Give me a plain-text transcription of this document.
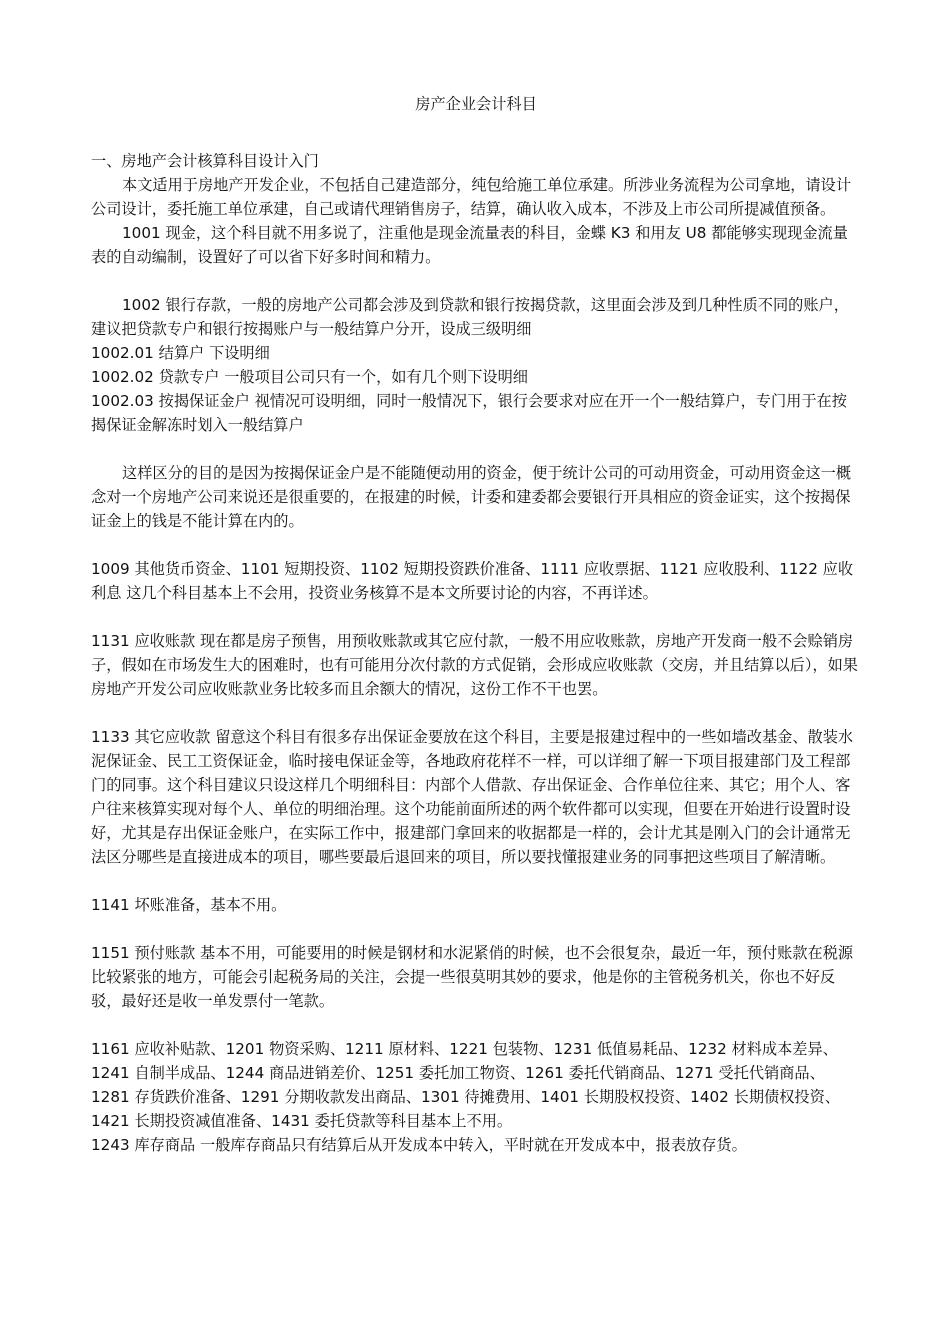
房产企业会计科目

一、房地产会计核算科目设计入门

本文适用于房地产开发企业，不包括自己建造部分，纯包给施工单位承建。所涉业务流程为公司拿地，请设计公司设计，委托施工单位承建，自己或请代理销售房子，结算，确认收入成本，不涉及上市公司所提减值预备。

1001 现金，这个科目就不用多说了，注重他是现金流量表的科目，金蝶 K3 和用友 U8 都能够实现现金流量表的自动编制，设置好了可以省下好多时间和精力。

1002 银行存款，一般的房地产公司都会涉及到贷款和银行按揭贷款，这里面会涉及到几种性质不同的账户，建议把贷款专户和银行按揭账户与一般结算户分开，设成三级明细

1002.01 结算户 下设明细

1002.02 贷款专户 一般项目公司只有一个，如有几个则下设明细

1002.03 按揭保证金户 视情况可设明细，同时一般情况下，银行会要求对应在开一个一般结算户，专门用于在按揭保证金解冻时划入一般结算户

这样区分的目的是因为按揭保证金户是不能随便动用的资金，便于统计公司的可动用资金，可动用资金这一概念对一个房地产公司来说还是很重要的，在报建的时候，计委和建委都会要银行开具相应的资金证实，这个按揭保证金上的钱是不能计算在内的。

1009 其他货币资金、1101 短期投资、1102 短期投资跌价准备、1111 应收票据、1121 应收股利、1122 应收利息 这几个科目基本上不会用，投资业务核算不是本文所要讨论的内容，不再详述。

1131 应收账款 现在都是房子预售，用预收账款或其它应付款，一般不用应收账款，房地产开发商一般不会赊销房子，假如在市场发生大的困难时，也有可能用分次付款的方式促销，会形成应收账款（交房，并且结算以后），如果房地产开发公司应收账款业务比较多而且余额大的情况，这份工作不干也罢。

1133 其它应收款 留意这个科目有很多存出保证金要放在这个科目，主要是报建过程中的一些如墙改基金、散装水泥保证金、民工工资保证金，临时接电保证金等，各地政府花样不一样，可以详细了解一下项目报建部门及工程部门的同事。这个科目建议只设这样几个明细科目：内部个人借款、存出保证金、合作单位往来、其它；用个人、客户往来核算实现对每个人、单位的明细治理。这个功能前面所述的两个软件都可以实现，但要在开始进行设置时设好，尤其是存出保证金账户，在实际工作中，报建部门拿回来的收据都是一样的，会计尤其是刚入门的会计通常无法区分哪些是直接进成本的项目，哪些要最后退回来的项目，所以要找懂报建业务的同事把这些项目了解清晰。

1141 坏账准备，基本不用。

1151 预付账款 基本不用，可能要用的时候是钢材和水泥紧俏的时候，也不会很复杂，最近一年，预付账款在税源比较紧张的地方，可能会引起税务局的关注，会提一些很莫明其妙的要求，他是你的主管税务机关，你也不好反驳，最好还是收一单发票付一笔款。

1161 应收补贴款、1201 物资采购、1211 原材料、1221 包装物、1231 低值易耗品、1232 材料成本差异、1241 自制半成品、1244 商品进销差价、1251 委托加工物资、1261 委托代销商品、1271 受托代销商品、1281 存货跌价准备、1291 分期收款发出商品、1301 待摊费用、1401 长期股权投资、1402 长期债权投资、1421 长期投资减值准备、1431 委托贷款等科目基本上不用。

1243 库存商品 一般库存商品只有结算后从开发成本中转入，平时就在开发成本中，报表放存货。
